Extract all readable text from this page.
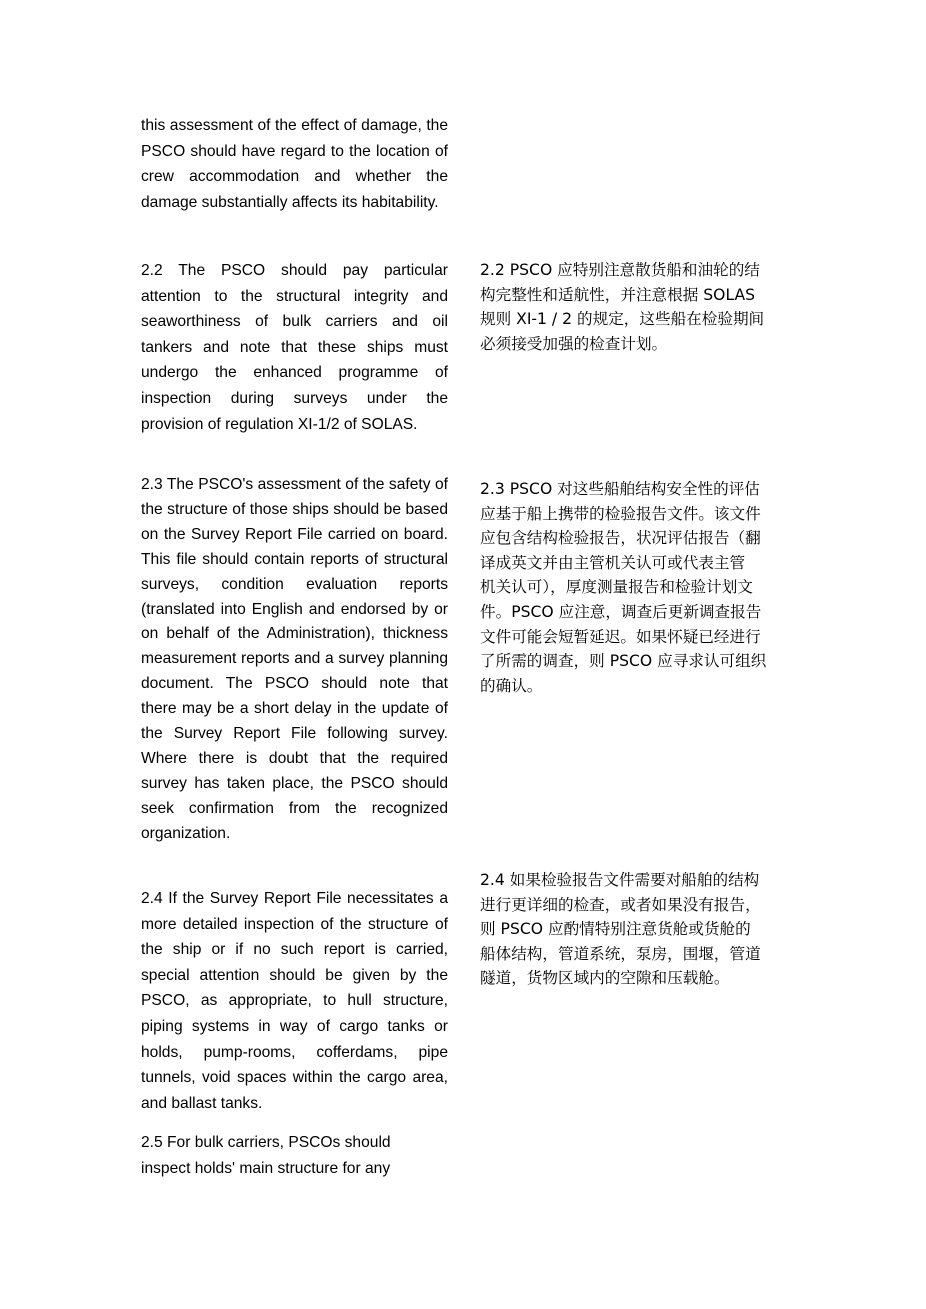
this assessment of the effect of damage, the PSCO should have regard to the location of crew accommodation and whether the damage substantially affects its habitability.

2.2 The PSCO should pay particular attention to the structural integrity and seaworthiness of bulk carriers and oil tankers and note that these ships must undergo the enhanced programme of inspection during surveys under the provision of regulation XI-1/2 of SOLAS.

2.3 The PSCO's assessment of the safety of the structure of those ships should be based on the Survey Report File carried on board. This file should contain reports of structural surveys, condition evaluation reports (translated into English and endorsed by or on behalf of the Administration), thickness measurement reports and a survey planning document. The PSCO should note that there may be a short delay in the update of the Survey Report File following survey. Where there is doubt that the required survey has taken place, the PSCO should seek confirmation from the recognized organization.

2.4 If the Survey Report File necessitates a more detailed inspection of the structure of the ship or if no such report is carried, special attention should be given by the PSCO, as appropriate, to hull structure, piping systems in way of cargo tanks or holds, pump-rooms, cofferdams, pipe tunnels, void spaces within the cargo area, and ballast tanks.

2.5 For bulk carriers, PSCOs should
inspect holds' main structure for any

2.2 PSCO 应特别注意散货船和油轮的结
构完整性和适航性，并注意根据 SOLAS
规则 XI-1 / 2 的规定，这些船在检验期间
必须接受加强的检查计划。

2.3 PSCO 对这些船舶结构安全性的评估
应基于船上携带的检验报告文件。该文件
应包含结构检验报告，状况评估报告（翻
译成英文并由主管机关认可或代表主管
机关认可），厚度测量报告和检验计划文
件。PSCO 应注意，调查后更新调查报告
文件可能会短暂延迟。如果怀疑已经进行
了所需的调查，则 PSCO 应寻求认可组织
的确认。

2.4 如果检验报告文件需要对船舶的结构
进行更详细的检查，或者如果没有报告，
则 PSCO 应酌情特别注意货舱或货舱的
船体结构，管道系统，泵房，围堰，管道
隧道，货物区域内的空隙和压载舱。
